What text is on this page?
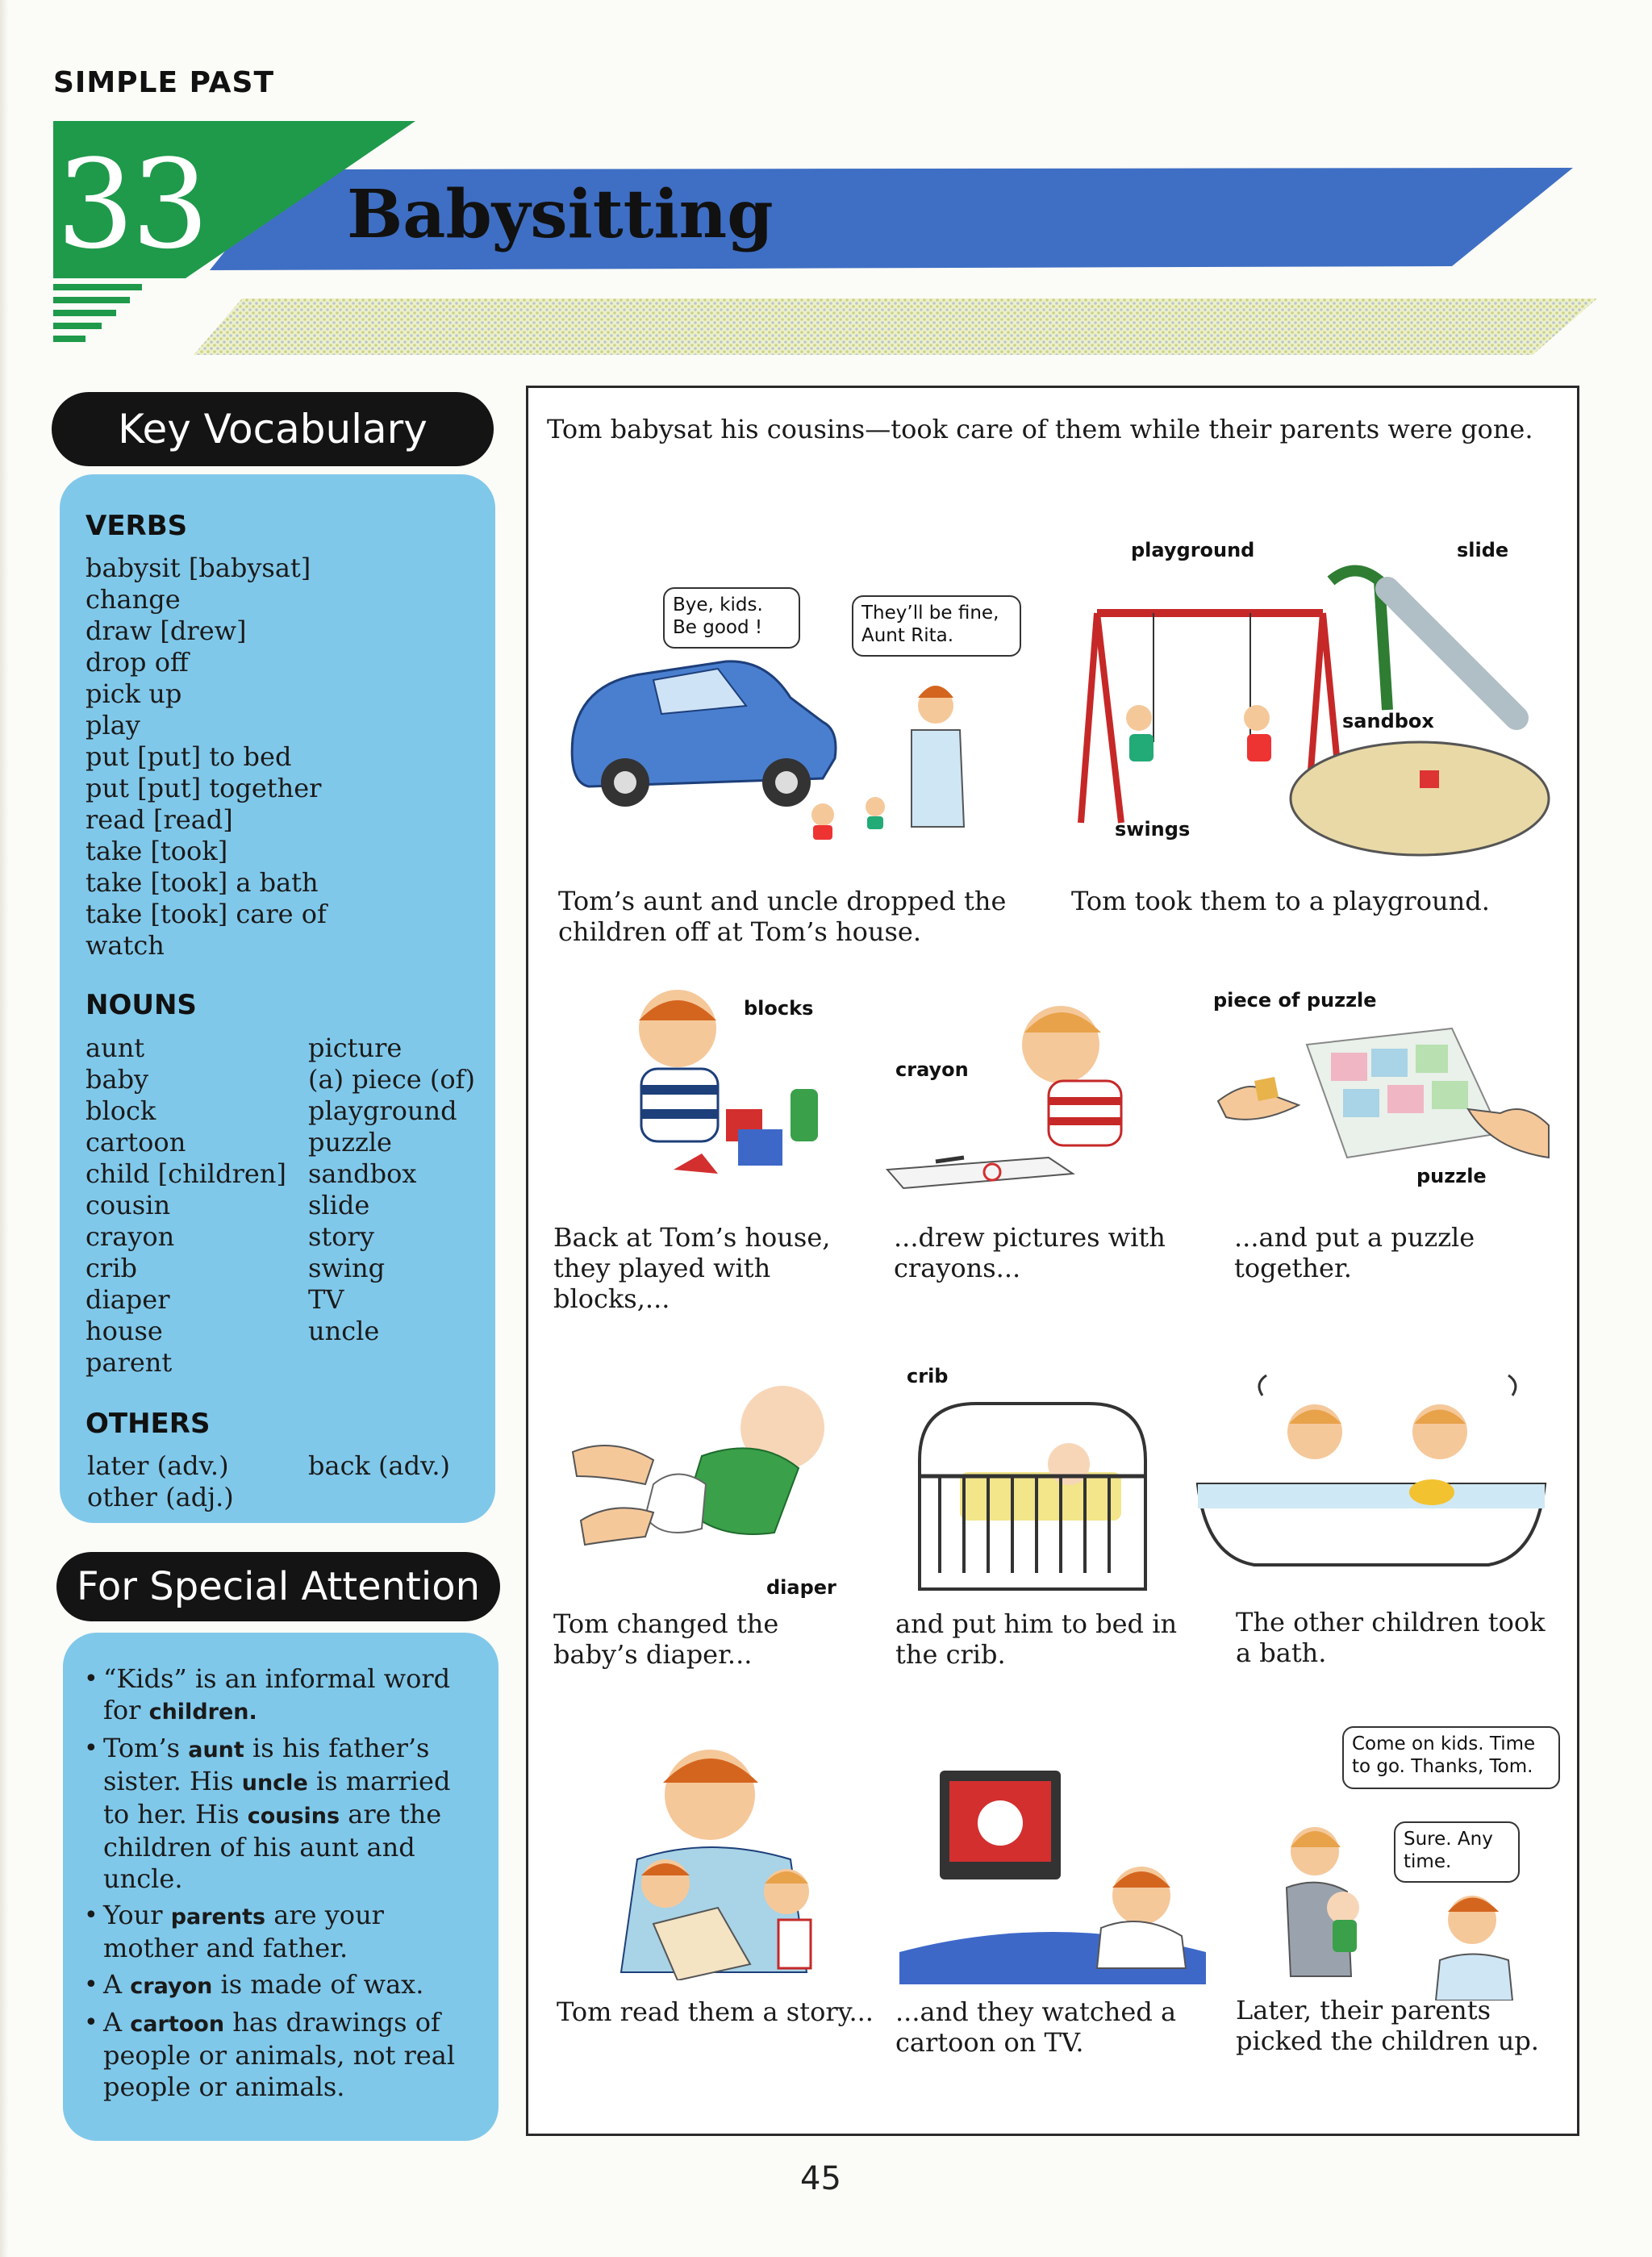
SIMPLE PAST
33 Babysitting
Key Vocabulary
VERBS
babysit [babysat]
change
draw [drew]
drop off
pick up
play
put [put] to bed
put [put] together
read [read]
take [took]
take [took] a bath
take [took] care of
watch
NOUNS
aunt
baby
block
cartoon
child [children]
cousin
crayon
crib
diaper
house
parent
picture
(a) piece (of)
playground
puzzle
sandbox
slide
story
swing
TV
uncle
OTHERS
later (adv.)
other (adj.)
back (adv.)
For Special Attention
• “Kids” is an informal word for children.
• Tom’s aunt is his father’s sister. His uncle is married to her. His cousins are the children of his aunt and uncle.
• Your parents are your mother and father.
• A crayon is made of wax.
• A cartoon has drawings of people or animals, not real people or animals.
Tom babysat his cousins—took care of them while their parents were gone.
Bye, kids. Be good !
They’ll be fine, Aunt Rita.
Tom’s aunt and uncle dropped the children off at Tom’s house.
playground	slide
sandbox
swings
Tom took them to a playground.
blocks
Back at Tom’s house, they played with blocks,...
crayon
...drew pictures with crayons...
piece of puzzle
puzzle
...and put a puzzle together.
diaper
Tom changed the baby’s diaper...
crib
and put him to bed in the crib.
The other children took a bath.
Tom read them a story... ...and they watched a cartoon on TV.
Come on kids. Time to go. Thanks, Tom.
Sure. Any time.
Later, their parents picked the children up.
45
